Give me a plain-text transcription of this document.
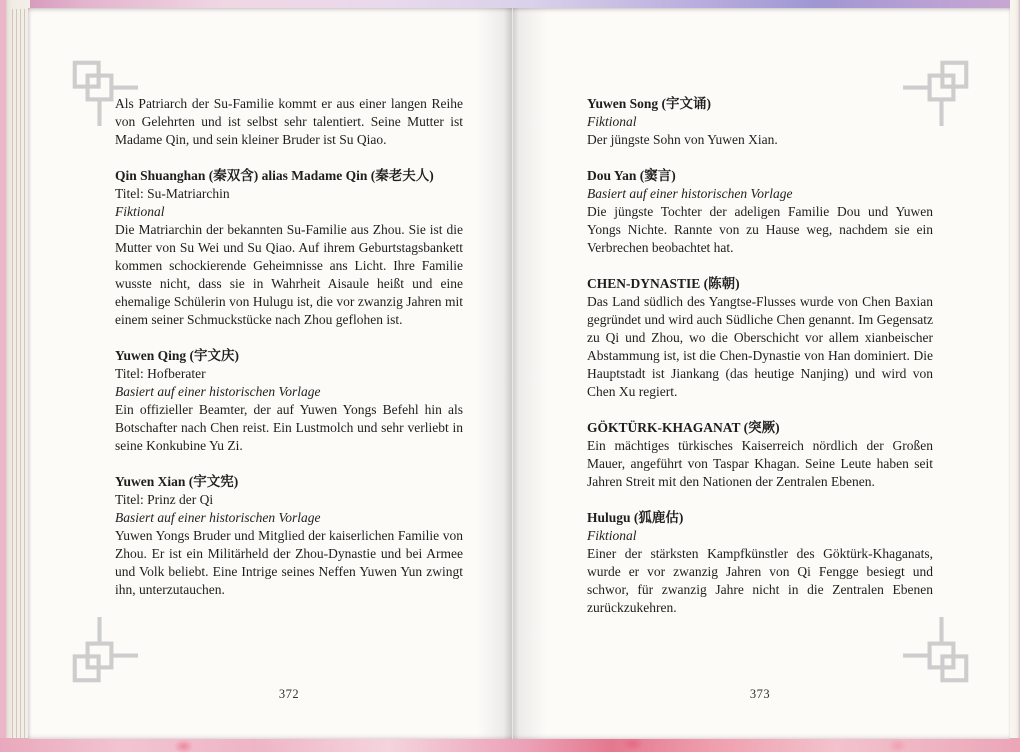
Als Patriarch der Su-Familie kommt er aus einer langen Reihe von Gelehrten und ist selbst sehr talentiert. Seine Mutter ist Madame Qin, und sein kleiner Bruder ist Su Qiao.

Qin Shuanghan (秦双含) alias Madame Qin (秦老夫人)

Titel: Su-Matriarchin

Fiktional

Die Matriarchin der bekannten Su-Familie aus Zhou. Sie ist die Mutter von Su Wei und Su Qiao. Auf ihrem Geburtstagsbankett kommen schockierende Geheimnisse ans Licht. Ihre Familie wusste nicht, dass sie in Wahrheit Aisaule heißt und eine ehemalige Schülerin von Hulugu ist, die vor zwanzig Jahren mit einem seiner Schmuckstücke nach Zhou geflohen ist.

Yuwen Qing (宇文庆)

Titel: Hofberater

Basiert auf einer historischen Vorlage

Ein offizieller Beamter, der auf Yuwen Yongs Befehl hin als Botschafter nach Chen reist. Ein Lustmolch und sehr verliebt in seine Konkubine Yu Zi.

Yuwen Xian (宇文宪)

Titel: Prinz der Qi

Basiert auf einer historischen Vorlage

Yuwen Yongs Bruder und Mitglied der kaiserlichen Familie von Zhou. Er ist ein Militärheld der Zhou-Dynastie und bei Armee und Volk beliebt. Eine Intrige seines Neffen Yuwen Yun zwingt ihn, unterzutauchen.

372

Yuwen Song (宇文诵)

Fiktional

Der jüngste Sohn von Yuwen Xian.

Dou Yan (窦言)

Basiert auf einer historischen Vorlage

Die jüngste Tochter der adeligen Familie Dou und Yuwen Yongs Nichte. Rannte von zu Hause weg, nachdem sie ein Verbrechen beobachtet hat.

CHEN-DYNASTIE (陈朝)

Das Land südlich des Yangtse-Flusses wurde von Chen Baxian gegründet und wird auch Südliche Chen genannt. Im Gegensatz zu Qi und Zhou, wo die Oberschicht vor allem xianbeischer Abstammung ist, ist die Chen-Dynastie von Han dominiert. Die Hauptstadt ist Jiankang (das heutige Nanjing) und wird von Chen Xu regiert.

GÖKTÜRK-KHAGANAT (突厥)

Ein mächtiges türkisches Kaiserreich nördlich der Großen Mauer, angeführt von Taspar Khagan. Seine Leute haben seit Jahren Streit mit den Nationen der Zentralen Ebenen.

Hulugu (狐鹿估)

Fiktional

Einer der stärksten Kampfkünstler des Göktürk-Khaganats, wurde er vor zwanzig Jahren von Qi Fengge besiegt und schwor, für zwanzig Jahre nicht in die Zentralen Ebenen zurückzukehren.

373
